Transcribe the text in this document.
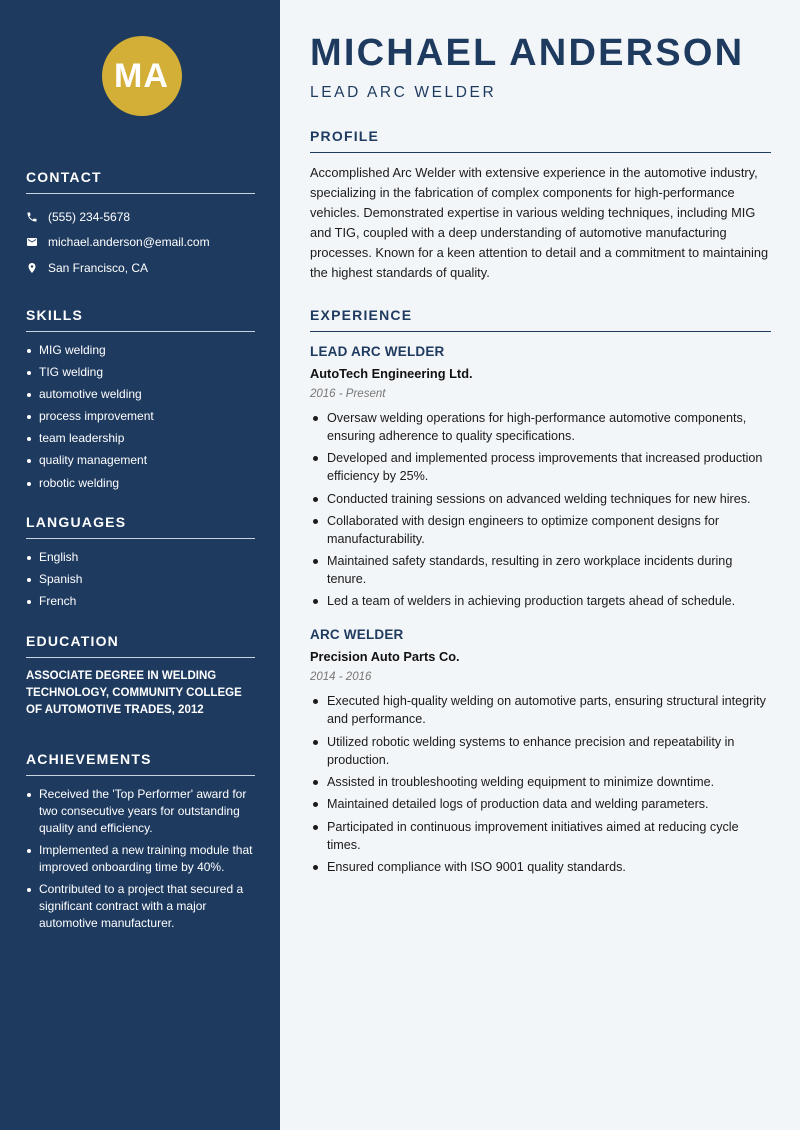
MA
CONTACT
(555) 234-5678
michael.anderson@email.com
San Francisco, CA
SKILLS
MIG welding
TIG welding
automotive welding
process improvement
team leadership
quality management
robotic welding
LANGUAGES
English
Spanish
French
EDUCATION
ASSOCIATE DEGREE IN WELDING TECHNOLOGY, COMMUNITY COLLEGE OF AUTOMOTIVE TRADES, 2012
ACHIEVEMENTS
Received the 'Top Performer' award for two consecutive years for outstanding quality and efficiency.
Implemented a new training module that improved onboarding time by 40%.
Contributed to a project that secured a significant contract with a major automotive manufacturer.
MICHAEL ANDERSON
LEAD ARC WELDER
PROFILE
Accomplished Arc Welder with extensive experience in the automotive industry, specializing in the fabrication of complex components for high-performance vehicles. Demonstrated expertise in various welding techniques, including MIG and TIG, coupled with a deep understanding of automotive manufacturing processes. Known for a keen attention to detail and a commitment to maintaining the highest standards of quality.
EXPERIENCE
LEAD ARC WELDER
AutoTech Engineering Ltd.
2016 - Present
Oversaw welding operations for high-performance automotive components, ensuring adherence to quality specifications.
Developed and implemented process improvements that increased production efficiency by 25%.
Conducted training sessions on advanced welding techniques for new hires.
Collaborated with design engineers to optimize component designs for manufacturability.
Maintained safety standards, resulting in zero workplace incidents during tenure.
Led a team of welders in achieving production targets ahead of schedule.
ARC WELDER
Precision Auto Parts Co.
2014 - 2016
Executed high-quality welding on automotive parts, ensuring structural integrity and performance.
Utilized robotic welding systems to enhance precision and repeatability in production.
Assisted in troubleshooting welding equipment to minimize downtime.
Maintained detailed logs of production data and welding parameters.
Participated in continuous improvement initiatives aimed at reducing cycle times.
Ensured compliance with ISO 9001 quality standards.
